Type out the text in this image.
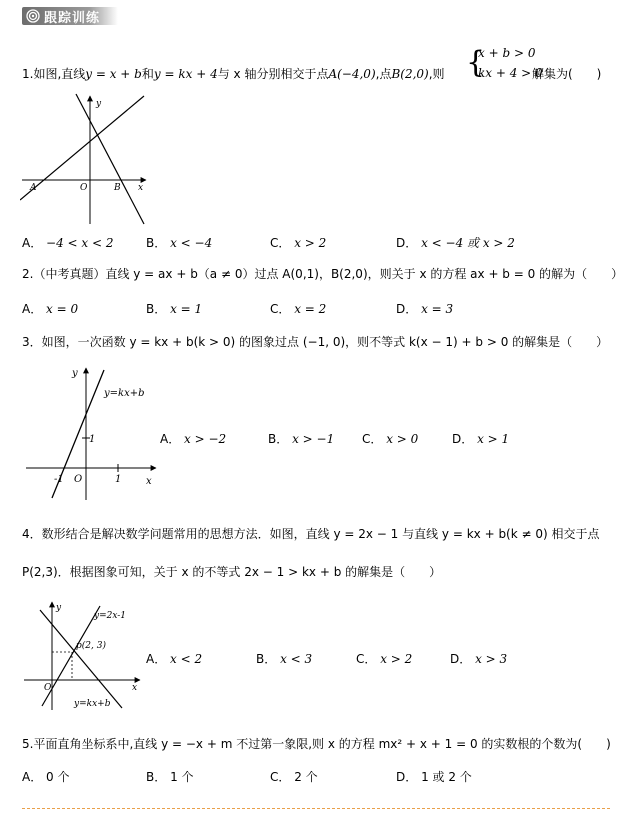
跟踪训练
1.如图,直线y = x + b和y = kx + 4与 x 轴分别相交于点A(−4,0),点B(2,0),则 {
x + b > 0
kx + 4 > 0
解集为(　　)
y
x
O
A	B
A． −4 < x < 2	B． x < −4	C． x > 2	D． x < −4 或 x > 2
2.（中考真题）直线 y = ax + b（a ≠ 0）过点 A(0,1)，B(2,0)，则关于 x 的方程 ax + b = 0 的解为（　　）
A． x = 0	B． x = 1	C． x = 2	D． x = 3
3．如图，一次函数 y = kx + b(k > 0) 的图象过点 (−1, 0)，则不等式 k(x − 1) + b > 0 的解集是（　　）
y
x
O
y=kx+b
1
1
-1
A． x > −2	B． x > −1 C． x > 0	D． x > 1
4．数形结合是解决数学问题常用的思想方法．如图，直线 y = 2x − 1 与直线 y = kx + b(k ≠ 0) 相交于点
P(2,3)．根据图象可知，关于 x 的不等式 2x − 1 > kx + b 的解集是（　　）
y
x
O
y=2x-1
y=kx+b
p(2, 3)
A． x < 2	B． x < 3	C． x > 2	D． x > 3
5.平面直角坐标系中,直线 y = −x + m 不过第一象限,则 x 的方程 mx² + x + 1 = 0 的实数根的个数为(　　)
A． 0 个	B． 1 个	C． 2 个	D． 1 或 2 个
